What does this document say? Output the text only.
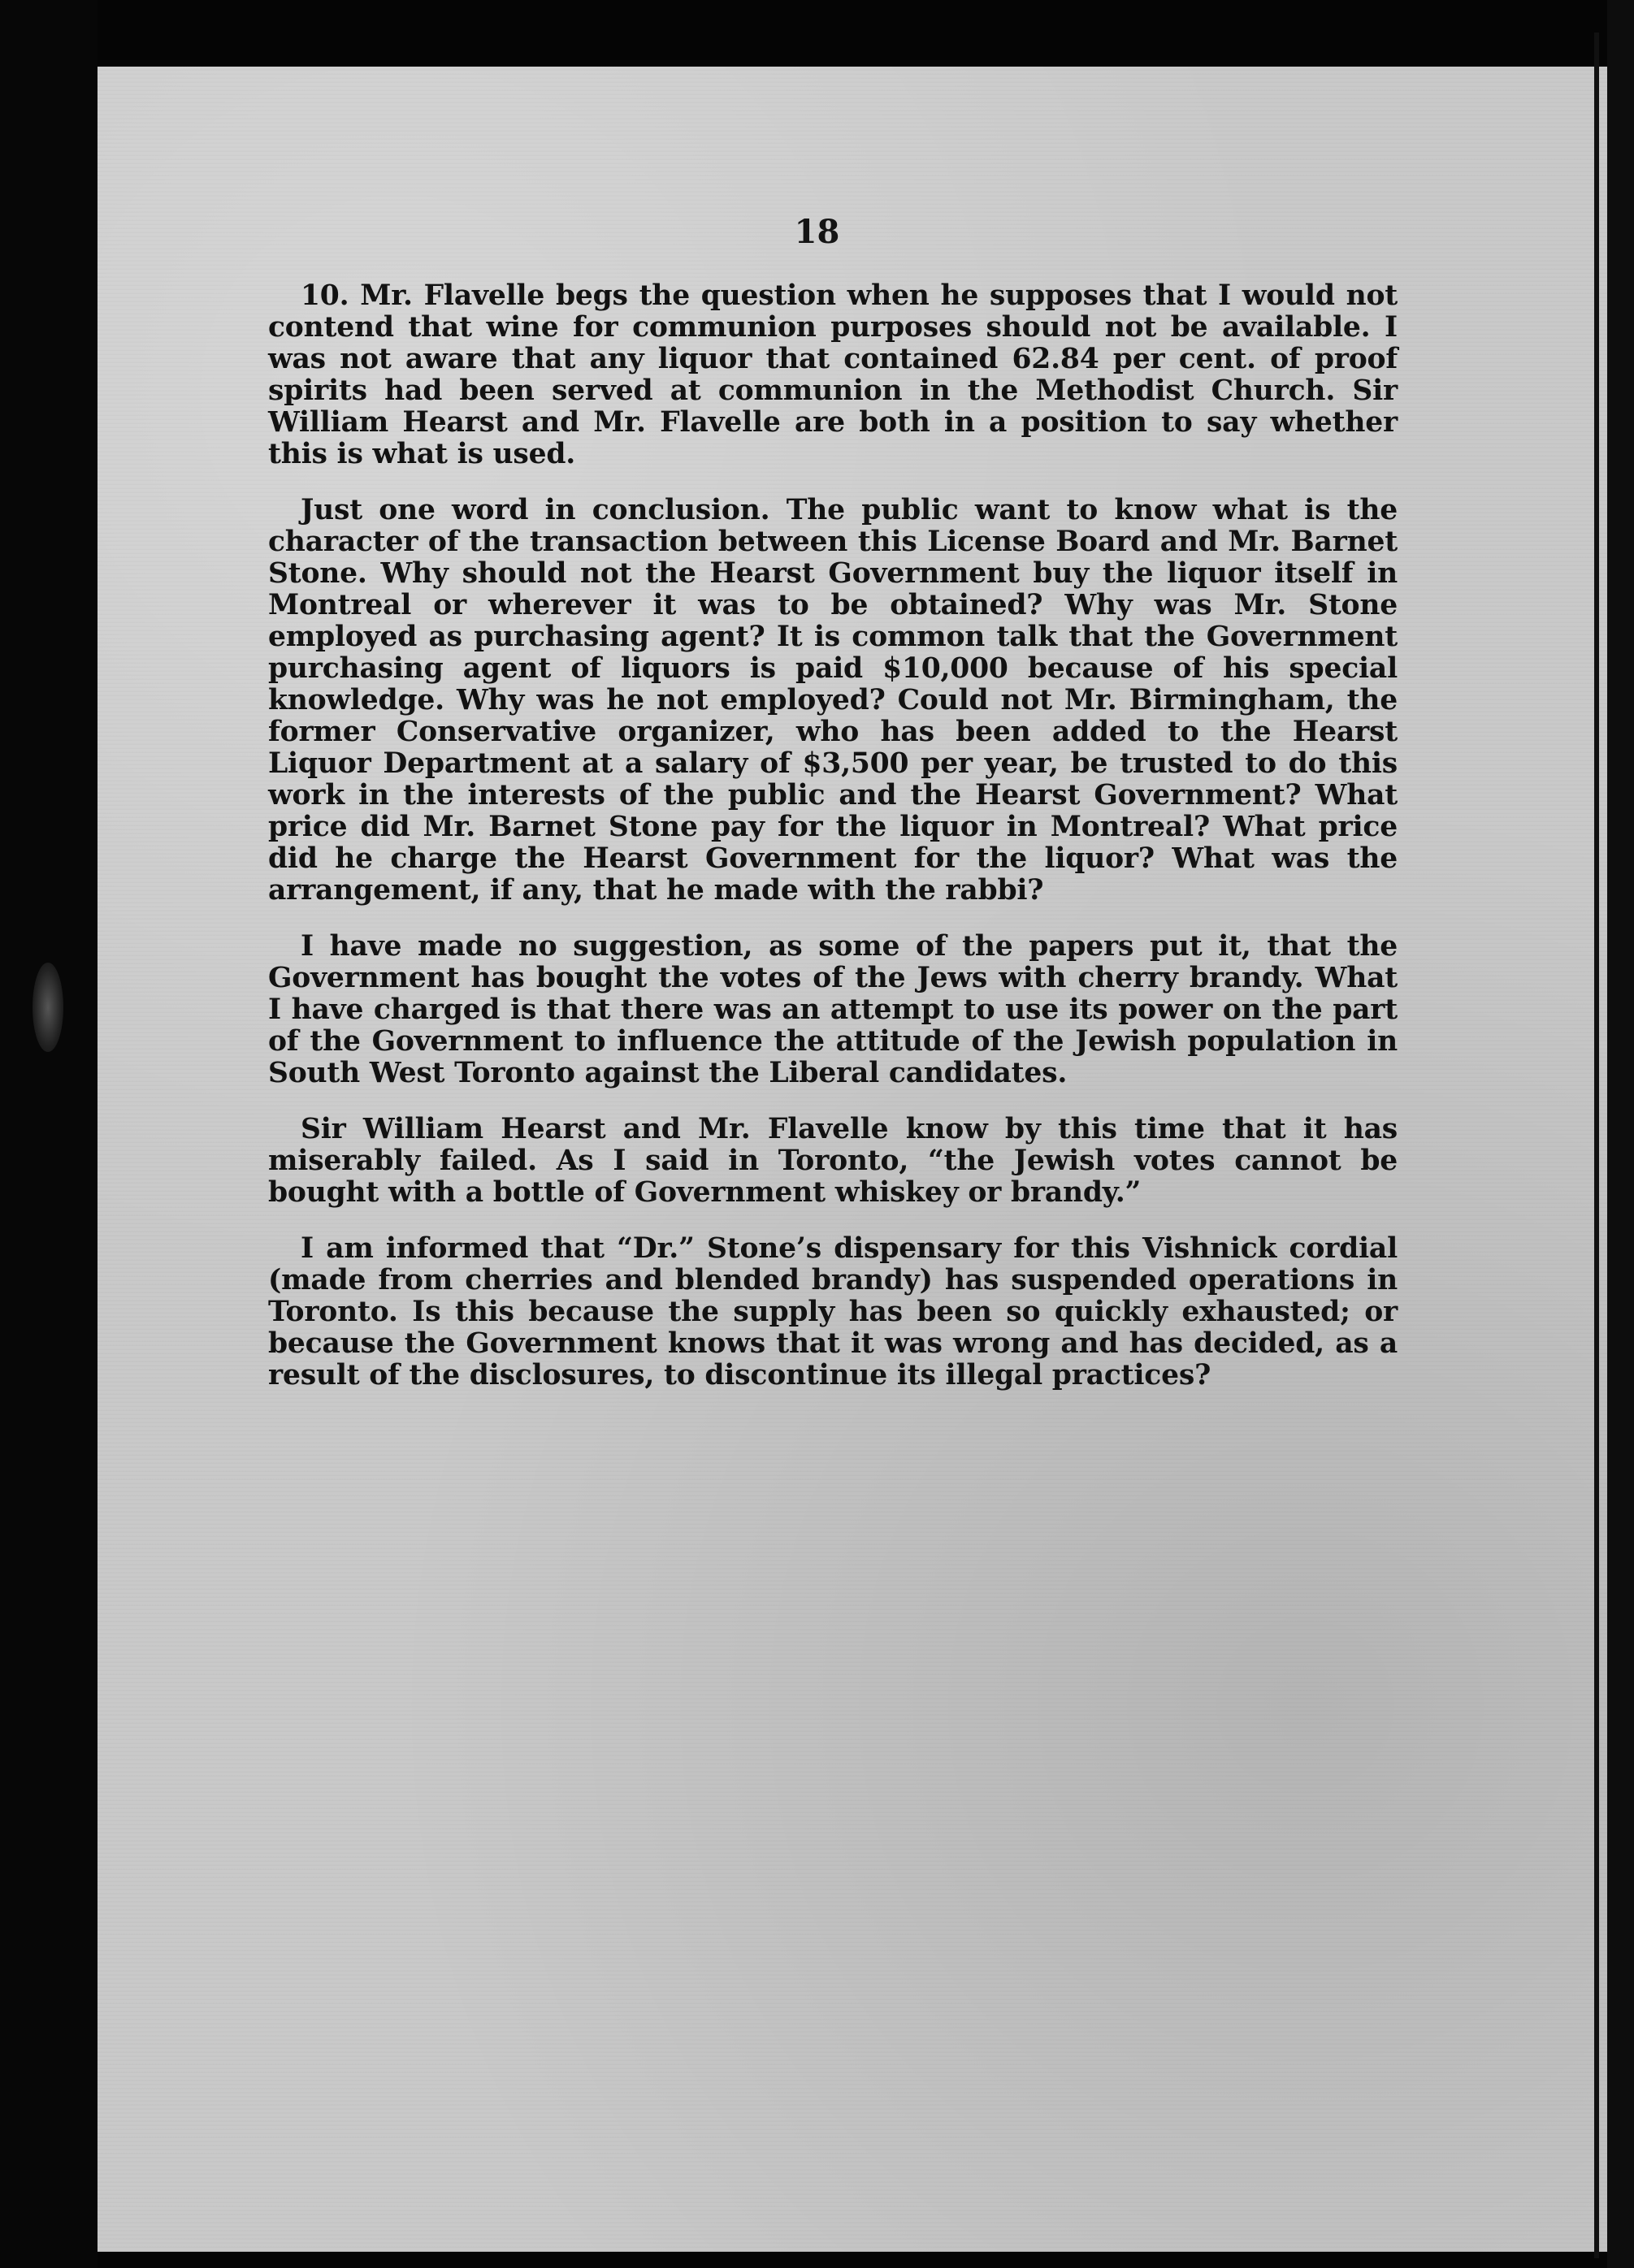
18

10. Mr. Flavelle begs the question when he supposes that I would not contend that wine for communion purposes should not be available. I was not aware that any liquor that contained 62.84 per cent. of proof spirits had been served at communion in the Methodist Church. Sir William Hearst and Mr. Flavelle are both in a position to say whether this is what is used.

Just one word in conclusion. The public want to know what is the character of the transaction between this License Board and Mr. Barnet Stone. Why should not the Hearst Government buy the liquor itself in Montreal or wherever it was to be obtained? Why was Mr. Stone employed as purchasing agent? It is common talk that the Government purchasing agent of liquors is paid $10,000 because of his special knowledge. Why was he not employed? Could not Mr. Birmingham, the former Conservative organizer, who has been added to the Hearst Liquor Department at a salary of $3,500 per year, be trusted to do this work in the interests of the public and the Hearst Government? What price did Mr. Barnet Stone pay for the liquor in Montreal? What price did he charge the Hearst Government for the liquor? What was the arrangement, if any, that he made with the rabbi?

I have made no suggestion, as some of the papers put it, that the Government has bought the votes of the Jews with cherry brandy. What I have charged is that there was an attempt to use its power on the part of the Government to influence the attitude of the Jewish population in South West Toronto against the Liberal candidates.

Sir William Hearst and Mr. Flavelle know by this time that it has miserably failed. As I said in Toronto, “the Jewish votes cannot be bought with a bottle of Government whiskey or brandy.”

I am informed that “Dr.” Stone’s dispensary for this Vishnick cordial (made from cherries and blended brandy) has suspended operations in Toronto. Is this because the supply has been so quickly exhausted; or because the Government knows that it was wrong and has decided, as a result of the disclosures, to discontinue its illegal practices?
